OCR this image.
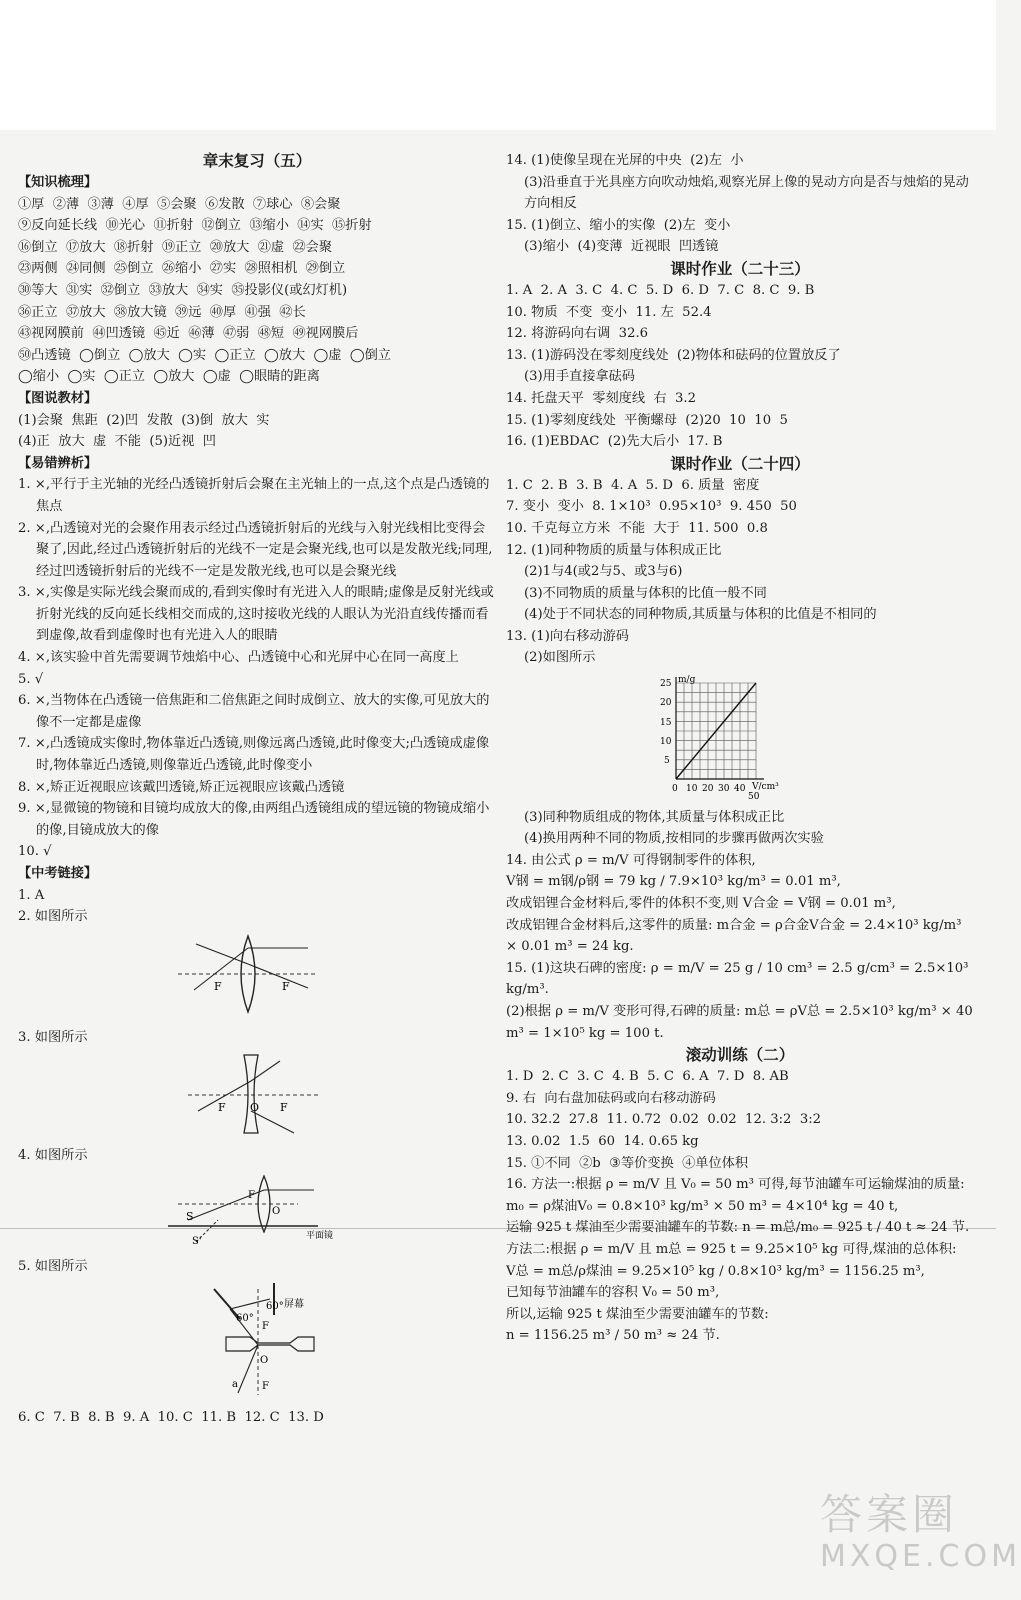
章末复习（五）

【知识梳理】

①厚  ②薄  ③薄  ④厚  ⑤会聚  ⑥发散  ⑦球心  ⑧会聚

⑨反向延长线  ⑩光心  ⑪折射  ⑫倒立  ⑬缩小  ⑭实  ⑮折射

⑯倒立  ⑰放大  ⑱折射  ⑲正立  ⑳放大  ㉑虚  ㉒会聚

㉓两侧  ㉔同侧  ㉕倒立  ㉖缩小  ㉗实  ㉘照相机  ㉙倒立

㉚等大  ㉛实  ㉜倒立  ㉝放大  ㉞实  ㉟投影仪(或幻灯机)

㊱正立  ㊲放大  ㊳放大镜  ㊴远  ㊵厚  ㊶强  ㊷长

㊸视网膜前  ㊹凹透镜  ㊺近  ㊻薄  ㊼弱  ㊽短  ㊾视网膜后

㊿凸透镜  ◯倒立  ◯放大  ◯实  ◯正立  ◯放大  ◯虚  ◯倒立

◯缩小  ◯实  ◯正立  ◯放大  ◯虚  ◯眼睛的距离

【图说教材】

(1)会聚  焦距  (2)凹  发散  (3)倒  放大  实

(4)正  放大  虚  不能  (5)近视  凹

【易错辨析】

1. ×,平行于主光轴的光经凸透镜折射后会聚在主光轴上的一点,这个点是凸透镜的焦点

2. ×,凸透镜对光的会聚作用表示经过凸透镜折射后的光线与入射光线相比变得会聚了,因此,经过凸透镜折射后的光线不一定是会聚光线,也可以是发散光线;同理,经过凹透镜折射后的光线不一定是发散光线,也可以是会聚光线

3. ×,实像是实际光线会聚而成的,看到实像时有光进入人的眼睛;虚像是反射光线或折射光线的反向延长线相交而成的,这时接收光线的人眼认为光沿直线传播而看到虚像,故看到虚像时也有光进入人的眼睛

4. ×,该实验中首先需要调节烛焰中心、凸透镜中心和光屏中心在同一高度上

5. √

6. ×,当物体在凸透镜一倍焦距和二倍焦距之间时成倒立、放大的实像,可见放大的像不一定都是虚像

7. ×,凸透镜成实像时,物体靠近凸透镜,则像远离凸透镜,此时像变大;凸透镜成虚像时,物体靠近凸透镜,则像靠近凸透镜,此时像变小

8. ×,矫正近视眼应该戴凹透镜,矫正远视眼应该戴凸透镜

9. ×,显微镜的物镜和目镜均成放大的像,由两组凸透镜组成的望远镜的物镜成缩小的像,目镜成放大的像

10. √

【中考链接】

1. A

2. 如图所示

F	F

3. 如图所示

F O F

4. 如图所示

S
S'
F
O
平面镜

5. 如图所示

60°
60°
屏幕
F
O
F
a

6. C  7. B  8. B  9. A  10. C  11. B  12. C  13. D

14. (1)使像呈现在光屏的中央  (2)左  小

(3)沿垂直于光具座方向吹动烛焰,观察光屏上像的晃动方向是否与烛焰的晃动方向相反

15. (1)倒立、缩小的实像  (2)左  变小

(3)缩小  (4)变薄  近视眼  凹透镜

课时作业（二十三）

1. A  2. A  3. C  4. C  5. D  6. D  7. C  8. C  9. B

10. 物质  不变  变小  11. 左  52.4

12. 将游码向右调  32.6

13. (1)游码没在零刻度线处  (2)物体和砝码的位置放反了

(3)用手直接拿砝码

14. 托盘天平  零刻度线  右  3.2

15. (1)零刻度线处  平衡螺母  (2)20  10  10  5

16. (1)EBDAC  (2)先大后小  17. B

课时作业（二十四）

1. C  2. B  3. B  4. A  5. D  6. 质量  密度

7. 变小  变小  8. 1×10³  0.95×10³  9. 450  50

10. 千克每立方米  不能  大于  11. 500  0.8

12. (1)同种物质的质量与体积成正比

(2)1与4(或2与5、或3与6)

(3)不同物质的质量与体积的比值一般不同

(4)处于不同状态的同种物质,其质量与体积的比值是不相同的

13. (1)向右移动游码

(2)如图所示

m/g
V/cm³
25
20
15
10
5
0 10 20 30 40
50

(3)同种物质组成的物体,其质量与体积成正比

(4)换用两种不同的物质,按相同的步骤再做两次实验

14. 由公式 ρ = m/V 可得钢制零件的体积,

V钢 = m钢/ρ钢 = 79 kg / 7.9×10³ kg/m³ = 0.01 m³,

改成铝锂合金材料后,零件的体积不变,则 V合金 = V钢 = 0.01 m³,

改成铝锂合金材料后,这零件的质量: m合金 = ρ合金V合金 = 2.4×10³ kg/m³ × 0.01 m³ = 24 kg.

15. (1)这块石碑的密度: ρ = m/V = 25 g / 10 cm³ = 2.5 g/cm³ = 2.5×10³ kg/m³.

(2)根据 ρ = m/V 变形可得,石碑的质量: m总 = ρV总 = 2.5×10³ kg/m³ × 40 m³ = 1×10⁵ kg = 100 t.

滚动训练（二）

1. D  2. C  3. C  4. B  5. C  6. A  7. D  8. AB

9. 右  向右盘加砝码或向右移动游码

10. 32.2  27.8  11. 0.72  0.02  0.02  12. 3:2  3:2

13. 0.02  1.5  60  14. 0.65 kg

15. ①不同  ②b  ③等价变换  ④单位体积

16. 方法一:根据 ρ = m/V 且 V₀ = 50 m³ 可得,每节油罐车可运输煤油的质量: m₀ = ρ煤油V₀ = 0.8×10³ kg/m³ × 50 m³ = 4×10⁴ kg = 40 t,

运输 925 t 煤油至少需要油罐车的节数: n = m总/m₀ = 925 t / 40 t ≈ 24 节.

方法二:根据 ρ = m/V 且 m总 = 925 t = 9.25×10⁵ kg 可得,煤油的总体积:

V总 = m总/ρ煤油 = 9.25×10⁵ kg / 0.8×10³ kg/m³ = 1156.25 m³,

已知每节油罐车的容积 V₀ = 50 m³,

所以,运输 925 t 煤油至少需要油罐车的节数:

n = 1156.25 m³ / 50 m³ ≈ 24 节.

答案圈
MXQE.COM
